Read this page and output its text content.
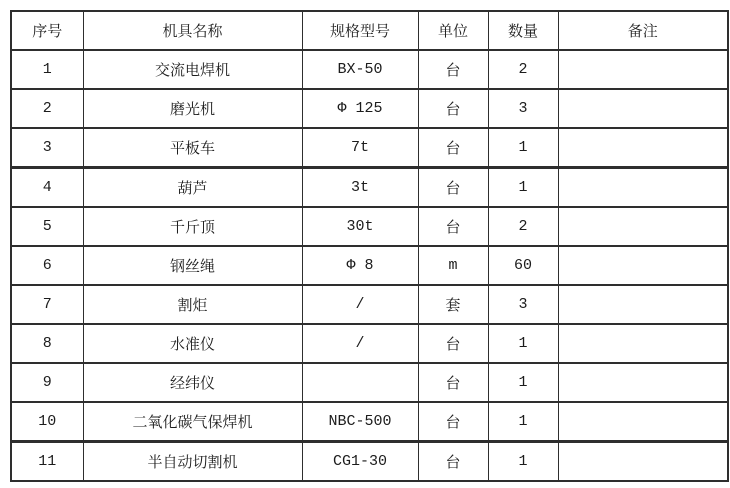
序号	机具名称	规格型号	单位	数量	备注
1	交流电焊机	BX-50	台	2	
2	磨光机	Φ 125	台	3	
3	平板车	7t	台	1	
4	葫芦	3t	台	1	
5	千斤顶	30t	台	2	
6	钢丝绳	Φ 8	m	60	
7	割炬	/	套	3	
8	水准仪	/	台	1	
9	经纬仪		台	1	
10	二氧化碳气保焊机	NBC-500	台	1	
11	半自动切割机	CG1-30	台	1	
